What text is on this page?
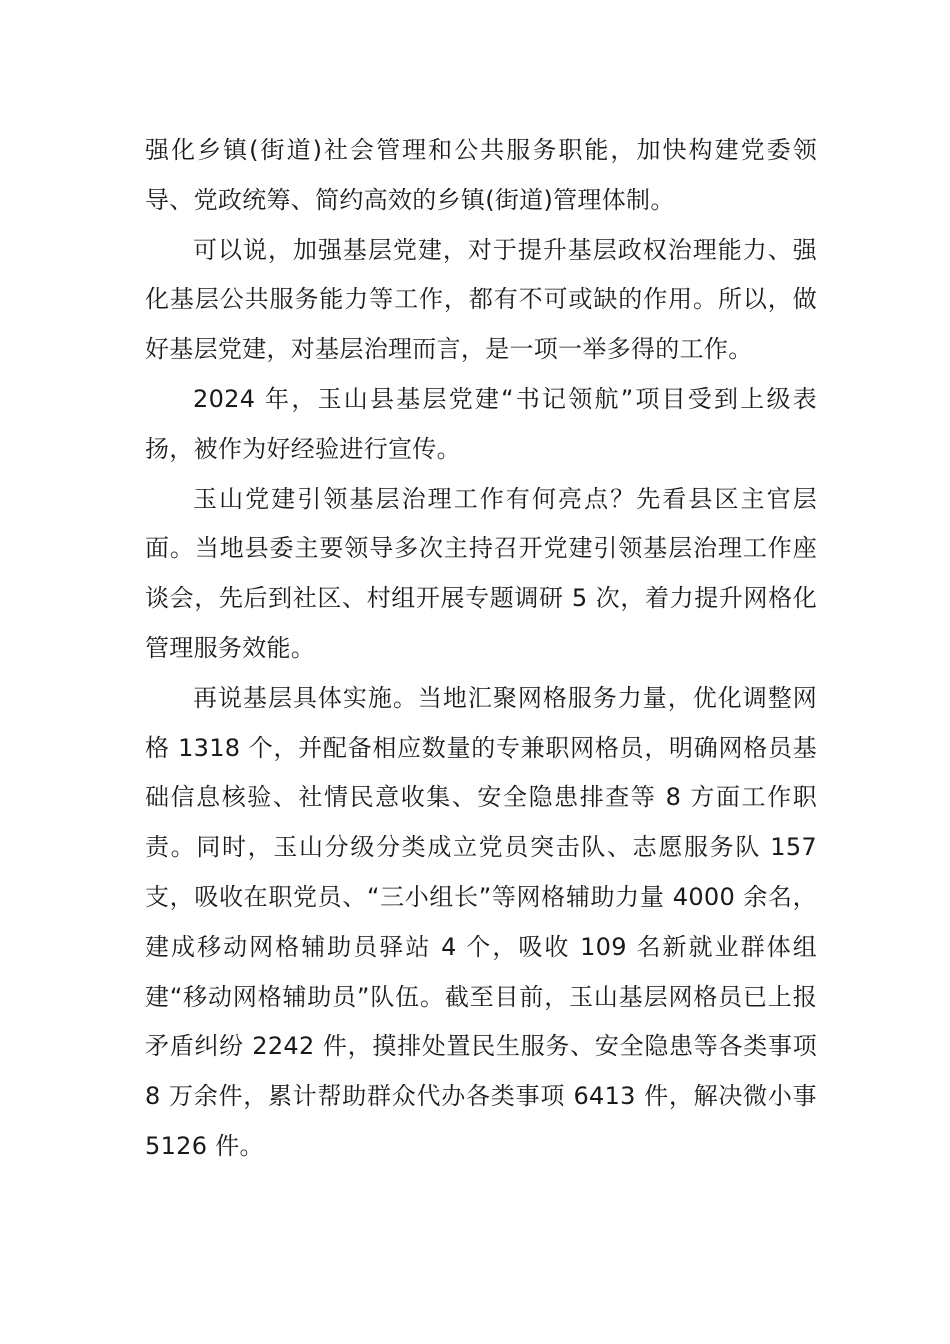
强化乡镇(街道)社会管理和公共服务职能，加快构建党委领导、党政统筹、简约高效的乡镇(街道)管理体制。

可以说，加强基层党建，对于提升基层政权治理能力、强化基层公共服务能力等工作，都有不可或缺的作用。所以，做好基层党建，对基层治理而言，是一项一举多得的工作。

2024 年，玉山县基层党建“书记领航”项目受到上级表扬，被作为好经验进行宣传。

玉山党建引领基层治理工作有何亮点？先看县区主官层面。当地县委主要领导多次主持召开党建引领基层治理工作座谈会，先后到社区、村组开展专题调研 5 次，着力提升网格化管理服务效能。

再说基层具体实施。当地汇聚网格服务力量，优化调整网格 1318 个，并配备相应数量的专兼职网格员，明确网格员基础信息核验、社情民意收集、安全隐患排查等 8 方面工作职责。同时，玉山分级分类成立党员突击队、志愿服务队 157 支，吸收在职党员、“三小组长”等网格辅助力量 4000 余名，建成移动网格辅助员驿站 4 个，吸收 109 名新就业群体组建“移动网格辅助员”队伍。截至目前，玉山基层网格员已上报矛盾纠纷 2242 件，摸排处置民生服务、安全隐患等各类事项 8 万余件，累计帮助群众代办各类事项 6413 件，解决微小事 5126 件。
